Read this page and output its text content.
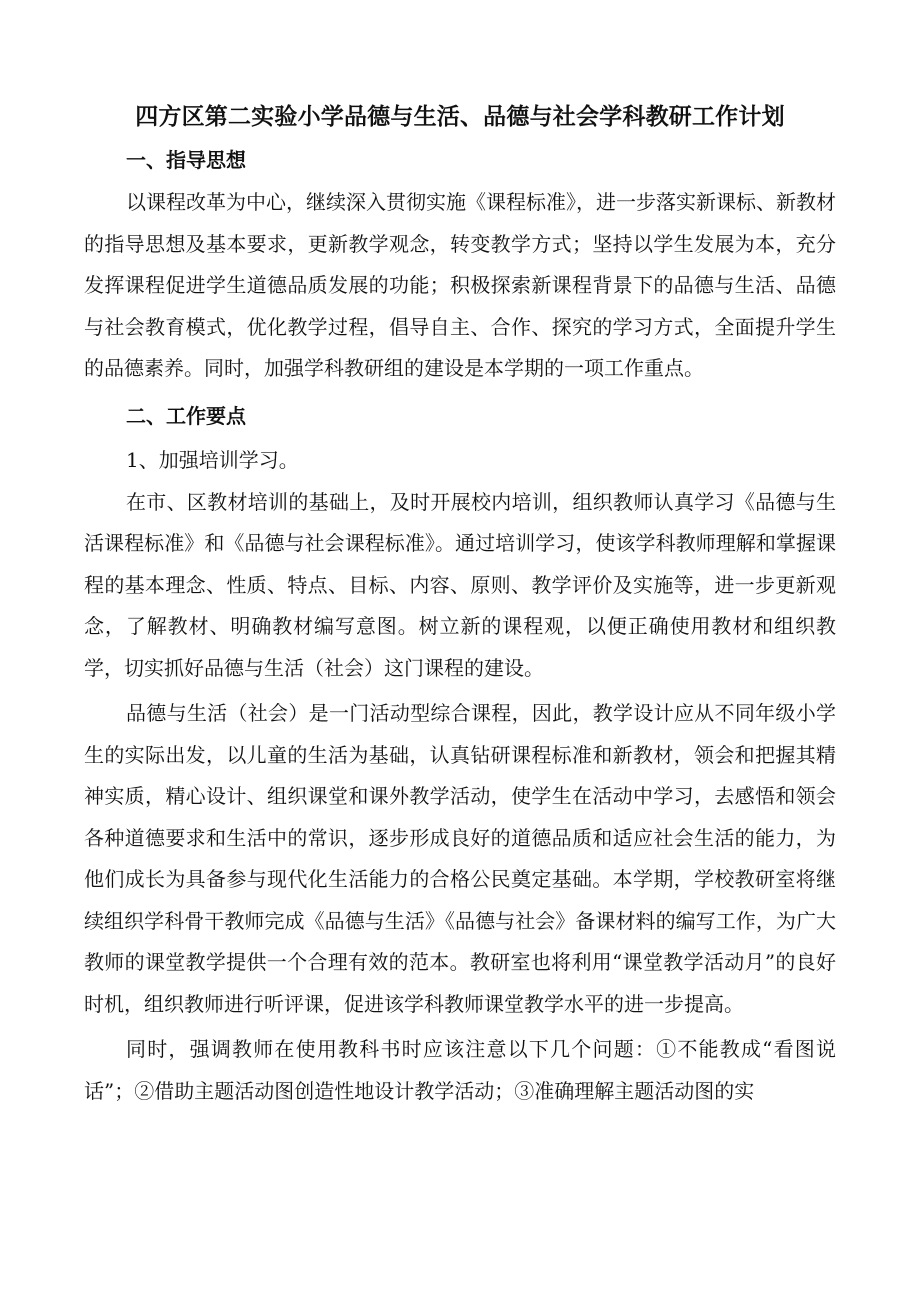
四方区第二实验小学品德与生活、品德与社会学科教研工作计划
一、指导思想

以课程改革为中心，继续深入贯彻实施《课程标准》，进一步落实新课标、新教材的指导思想及基本要求，更新教学观念，转变教学方式；坚持以学生发展为本，充分发挥课程促进学生道德品质发展的功能；积极探索新课程背景下的品德与生活、品德与社会教育模式，优化教学过程，倡导自主、合作、探究的学习方式，全面提升学生的品德素养。同时，加强学科教研组的建设是本学期的一项工作重点。

二、工作要点

1、加强培训学习。

在市、区教材培训的基础上，及时开展校内培训，组织教师认真学习《品德与生活课程标准》和《品德与社会课程标准》。通过培训学习，使该学科教师理解和掌握课程的基本理念、性质、特点、目标、内容、原则、教学评价及实施等，进一步更新观念，了解教材、明确教材编写意图。树立新的课程观，以便正确使用教材和组织教学，切实抓好品德与生活（社会）这门课程的建设。

品德与生活（社会）是一门活动型综合课程，因此，教学设计应从不同年级小学生的实际出发，以儿童的生活为基础，认真钻研课程标准和新教材，领会和把握其精神实质，精心设计、组织课堂和课外教学活动，使学生在活动中学习，去感悟和领会各种道德要求和生活中的常识，逐步形成良好的道德品质和适应社会生活的能力，为他们成长为具备参与现代化生活能力的合格公民奠定基础。本学期，学校教研室将继续组织学科骨干教师完成《品德与生活》《品德与社会》备课材料的编写工作，为广大教师的课堂教学提供一个合理有效的范本。教研室也将利用“课堂教学活动月”的良好时机，组织教师进行听评课，促进该学科教师课堂教学水平的进一步提高。

同时，强调教师在使用教科书时应该注意以下几个问题：①不能教成“看图说话”；②借助主题活动图创造性地设计教学活动；③准确理解主题活动图的实
